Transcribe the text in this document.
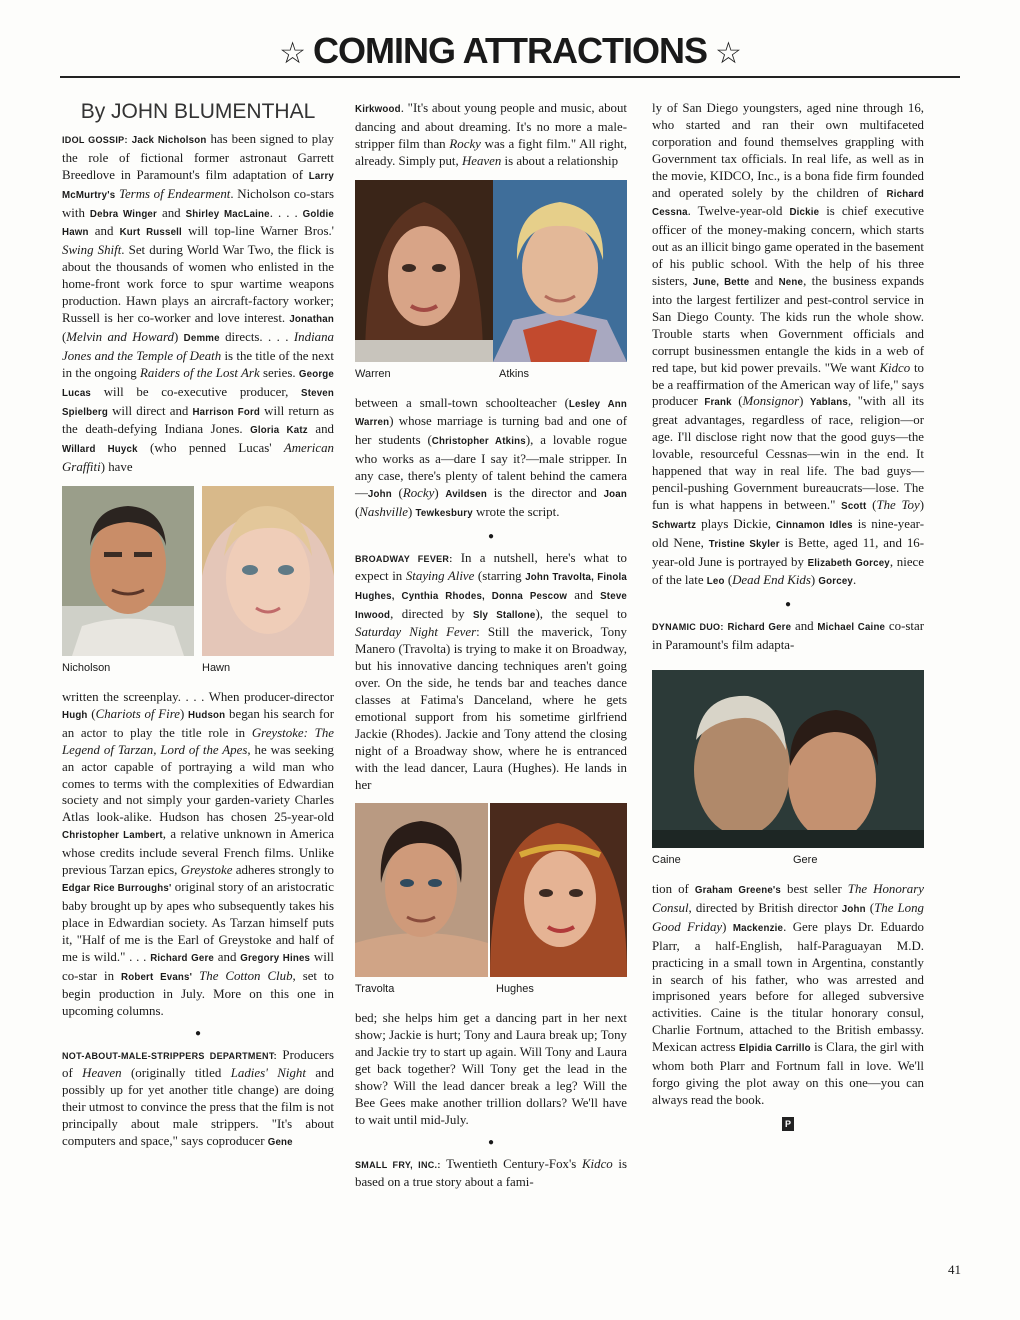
☆ COMING ATTRACTIONS ☆

By JOHN BLUMENTHAL

IDOL GOSSIP: Jack Nicholson has been signed to play the role of fictional former astronaut Garrett Breedlove in Paramount's film adaptation of Larry McMurtry's Terms of Endearment. Nicholson co-stars with Debra Winger and Shirley MacLaine. . . . Goldie Hawn and Kurt Russell will top-line Warner Bros.' Swing Shift. Set during World War Two, the flick is about the thousands of women who enlisted in the home-front work force to spur wartime weapons production. Hawn plays an aircraft-factory worker; Russell is her co-worker and love interest. Jonathan (Melvin and Howard) Demme directs. . . . Indiana Jones and the Temple of Death is the title of the next in the ongoing Raiders of the Lost Ark series. George Lucas will be co-executive producer, Steven Spielberg will direct and Harrison Ford will return as the death-defying Indiana Jones. Gloria Katz and Willard Huyck (who penned Lucas' American Graffiti) have

Nicholson	Hawn

written the screenplay. . . . When producer-director Hugh (Chariots of Fire) Hudson began his search for an actor to play the title role in Greystoke: The Legend of Tarzan, Lord of the Apes, he was seeking an actor capable of portraying a wild man who comes to terms with the complexities of Edwardian society and not simply your garden-variety Charles Atlas look-alike. Hudson has chosen 25-year-old Christopher Lambert, a relative unknown in America whose credits include several French films. Unlike previous Tarzan epics, Greystoke adheres strongly to Edgar Rice Burroughs' original story of an aristocratic baby brought up by apes who subsequently takes his place in Edwardian society. As Tarzan himself puts it, "Half of me is the Earl of Greystoke and half of me is wild." . . . Richard Gere and Gregory Hines will co-star in Robert Evans' The Cotton Club, set to begin production in July. More on this one in upcoming columns.

●

NOT-ABOUT-MALE-STRIPPERS DEPARTMENT: Producers of Heaven (originally titled Ladies' Night and possibly up for yet another title change) are doing their utmost to convince the press that the film is not principally about male strippers. "It's about computers and space," says coproducer Gene

Kirkwood. "It's about young people and music, about dancing and about dreaming. It's no more a male-stripper film than Rocky was a fight film." All right, already. Simply put, Heaven is about a relationship

Warren	Atkins

between a small-town schoolteacher (Lesley Ann Warren) whose marriage is turning bad and one of her students (Christopher Atkins), a lovable rogue who works as a—dare I say it?—male stripper. In any case, there's plenty of talent behind the camera—John (Rocky) Avildsen is the director and Joan (Nashville) Tewkesbury wrote the script.

●

BROADWAY FEVER: In a nutshell, here's what to expect in Staying Alive (starring John Travolta, Finola Hughes, Cynthia Rhodes, Donna Pescow and Steve Inwood, directed by Sly Stallone), the sequel to Saturday Night Fever: Still the maverick, Tony Manero (Travolta) is trying to make it on Broadway, but his innovative dancing techniques aren't going over. On the side, he tends bar and teaches dance classes at Fatima's Danceland, where he gets emotional support from his sometime girlfriend Jackie (Rhodes). Jackie and Tony attend the closing night of a Broadway show, where he is entranced with the lead dancer, Laura (Hughes). He lands in her

Travolta	Hughes

bed; she helps him get a dancing part in her next show; Jackie is hurt; Tony and Laura break up; Tony and Jackie try to start up again. Will Tony and Laura get back together? Will Tony get the lead in the show? Will the lead dancer break a leg? Will the Bee Gees make another trillion dollars? We'll have to wait until mid-July.

●

SMALL FRY, INC.: Twentieth Century-Fox's Kidco is based on a true story about a fami-

ly of San Diego youngsters, aged nine through 16, who started and ran their own multifaceted corporation and found themselves grappling with Government tax officials. In real life, as well as in the movie, KIDCO, Inc., is a bona fide firm founded and operated solely by the children of Richard Cessna. Twelve-year-old Dickie is chief executive officer of the money-making concern, which starts out as an illicit bingo game operated in the basement of his public school. With the help of his three sisters, June, Bette and Nene, the business expands into the largest fertilizer and pest-control service in San Diego County. The kids run the whole show. Trouble starts when Government officials and corrupt businessmen entangle the kids in a web of red tape, but kid power prevails. "We want Kidco to be a reaffirmation of the American way of life," says producer Frank (Monsignor) Yablans, "with all its great advantages, regardless of race, religion—or age. I'll disclose right now that the good guys—the lovable, resourceful Cessnas—win in the end. It happened that way in real life. The bad guys—pencil-pushing Government bureaucrats—lose. The fun is what happens in between." Scott (The Toy) Schwartz plays Dickie, Cinnamon Idles is nine-year-old Nene, Tristine Skyler is Bette, aged 11, and 16-year-old June is portrayed by Elizabeth Gorcey, niece of the late Leo (Dead End Kids) Gorcey.

●

DYNAMIC DUO: Richard Gere and Michael Caine co-star in Paramount's film adapta-

Caine	Gere

tion of Graham Greene's best seller The Honorary Consul, directed by British director John (The Long Good Friday) Mackenzie. Gere plays Dr. Eduardo Plarr, a half-English, half-Paraguayan M.D. practicing in a small town in Argentina, constantly in search of his father, who was arrested and imprisoned years before for alleged subversive activities. Caine is the titular honorary consul, Charlie Fortnum, attached to the British embassy. Mexican actress Elpidia Carrillo is Clara, the girl with whom both Plarr and Fortnum fall in love. We'll forgo giving the plot away on this one—you can always read the book.

P

41
